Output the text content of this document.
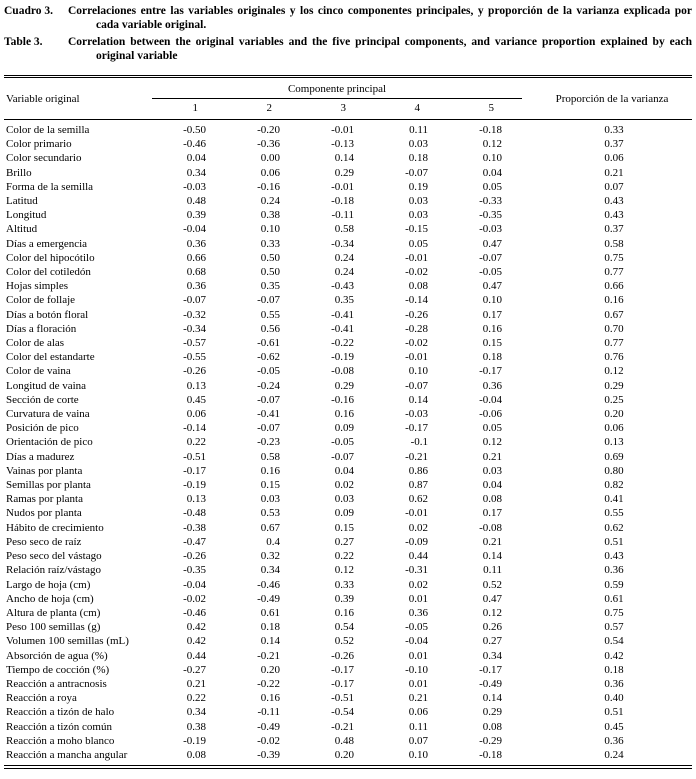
Cuadro 3. Correlaciones entre las variables originales y los cinco componentes principales, y proporción de la varianza explicada por cada variable original.

Table 3. Correlation between the original variables and the five principal components, and variance proportion explained by each original variable

Variable original	Componente principal					Proporción de la varianza
	1	2	3	4	5	
Color de la semilla	-0.50	-0.20	-0.01	0.11	-0.18	0.33
Color primario	-0.46	-0.36	-0.13	0.03	0.12	0.37
Color secundario	0.04	0.00	0.14	0.18	0.10	0.06
Brillo	0.34	0.06	0.29	-0.07	0.04	0.21
Forma de la semilla	-0.03	-0.16	-0.01	0.19	0.05	0.07
Latitud	0.48	0.24	-0.18	0.03	-0.33	0.43
Longitud	0.39	0.38	-0.11	0.03	-0.35	0.43
Altitud	-0.04	0.10	0.58	-0.15	-0.03	0.37
Días a emergencia	0.36	0.33	-0.34	0.05	0.47	0.58
Color del hipocótilo	0.66	0.50	0.24	-0.01	-0.07	0.75
Color del cotiledón	0.68	0.50	0.24	-0.02	-0.05	0.77
Hojas simples	0.36	0.35	-0.43	0.08	0.47	0.66
Color de follaje	-0.07	-0.07	0.35	-0.14	0.10	0.16
Días a botón floral	-0.32	0.55	-0.41	-0.26	0.17	0.67
Días a floración	-0.34	0.56	-0.41	-0.28	0.16	0.70
Color de alas	-0.57	-0.61	-0.22	-0.02	0.15	0.77
Color del estandarte	-0.55	-0.62	-0.19	-0.01	0.18	0.76
Color de vaina	-0.26	-0.05	-0.08	0.10	-0.17	0.12
Longitud de vaina	0.13	-0.24	0.29	-0.07	0.36	0.29
Sección de corte	0.45	-0.07	-0.16	0.14	-0.04	0.25
Curvatura de vaina	0.06	-0.41	0.16	-0.03	-0.06	0.20
Posición de pico	-0.14	-0.07	0.09	-0.17	0.05	0.06
Orientación de pico	0.22	-0.23	-0.05	-0.1	0.12	0.13
Días a madurez	-0.51	0.58	-0.07	-0.21	0.21	0.69
Vainas por planta	-0.17	0.16	0.04	0.86	0.03	0.80
Semillas por planta	-0.19	0.15	0.02	0.87	0.04	0.82
Ramas por planta	0.13	0.03	0.03	0.62	0.08	0.41
Nudos por planta	-0.48	0.53	0.09	-0.01	0.17	0.55
Hábito de crecimiento	-0.38	0.67	0.15	0.02	-0.08	0.62
Peso seco de raíz	-0.47	0.4	0.27	-0.09	0.21	0.51
Peso seco del vástago	-0.26	0.32	0.22	0.44	0.14	0.43
Relación raíz/vástago	-0.35	0.34	0.12	-0.31	0.11	0.36
Largo de hoja (cm)	-0.04	-0.46	0.33	0.02	0.52	0.59
Ancho de hoja (cm)	-0.02	-0.49	0.39	0.01	0.47	0.61
Altura de planta (cm)	-0.46	0.61	0.16	0.36	0.12	0.75
Peso 100 semillas (g)	0.42	0.18	0.54	-0.05	0.26	0.57
Volumen 100 semillas (mL)	0.42	0.14	0.52	-0.04	0.27	0.54
Absorción de agua (%)	0.44	-0.21	-0.26	0.01	0.34	0.42
Tiempo de cocción (%)	-0.27	0.20	-0.17	-0.10	-0.17	0.18
Reacción a antracnosis	0.21	-0.22	-0.17	0.01	-0.49	0.36
Reacción a roya	0.22	0.16	-0.51	0.21	0.14	0.40
Reacción a tizón de halo	0.34	-0.11	-0.54	0.06	0.29	0.51
Reacción a tizón común	0.38	-0.49	-0.21	0.11	0.08	0.45
Reacción a moho blanco	-0.19	-0.02	0.48	0.07	-0.29	0.36
Reacción a mancha angular	0.08	-0.39	0.20	0.10	-0.18	0.24
